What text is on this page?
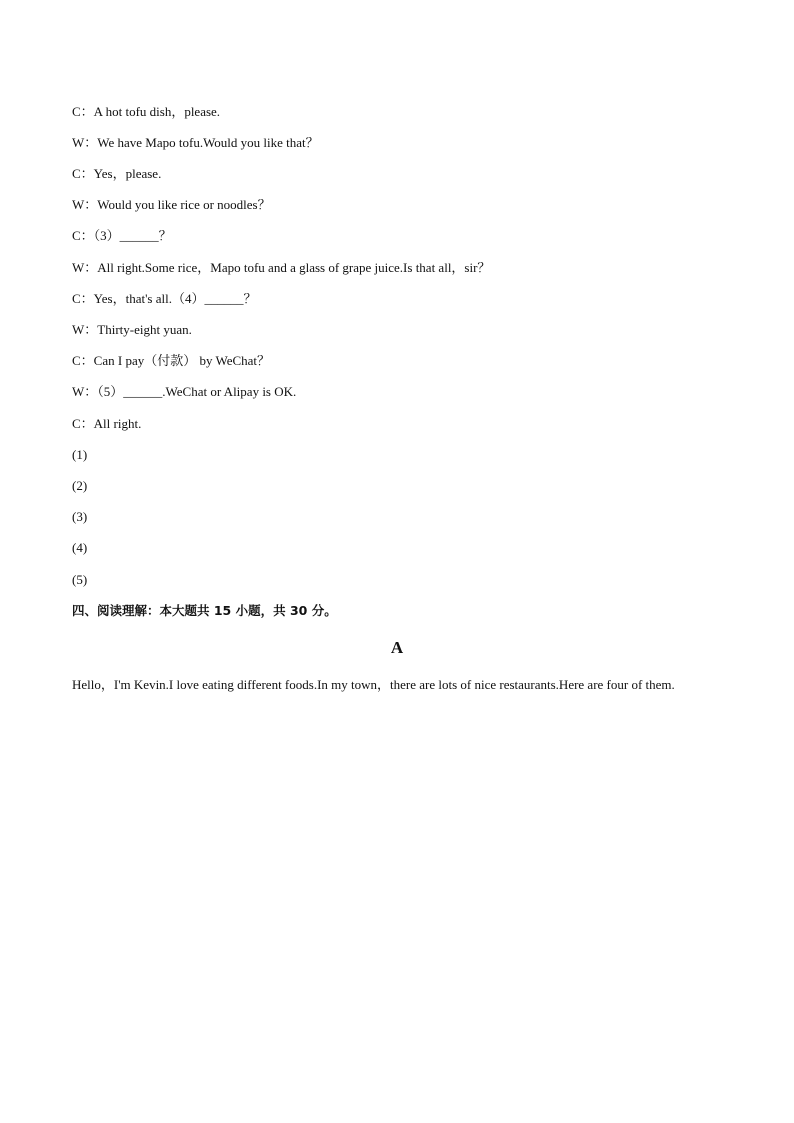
C：A hot tofu dish，please.
W：We have Mapo tofu.Would you like that？
C：Yes，please.
W：Would you like rice or noodles？
C：（3）______？
W：All right.Some rice，Mapo tofu and a glass of grape juice.Is that all，sir？
C：Yes，that's all.（4）______？
W：Thirty-eight yuan.
C：Can I pay（付款） by WeChat？
W：（5）______.WeChat or Alipay is OK.
C：All right.
(1)
(2)
(3)
(4)
(5)
四、阅读理解：本大题共 15 小题，共 30 分。
A
Hello，I'm Kevin.I love eating different foods.In my town，there are lots of nice restaurants.Here are four of them.
